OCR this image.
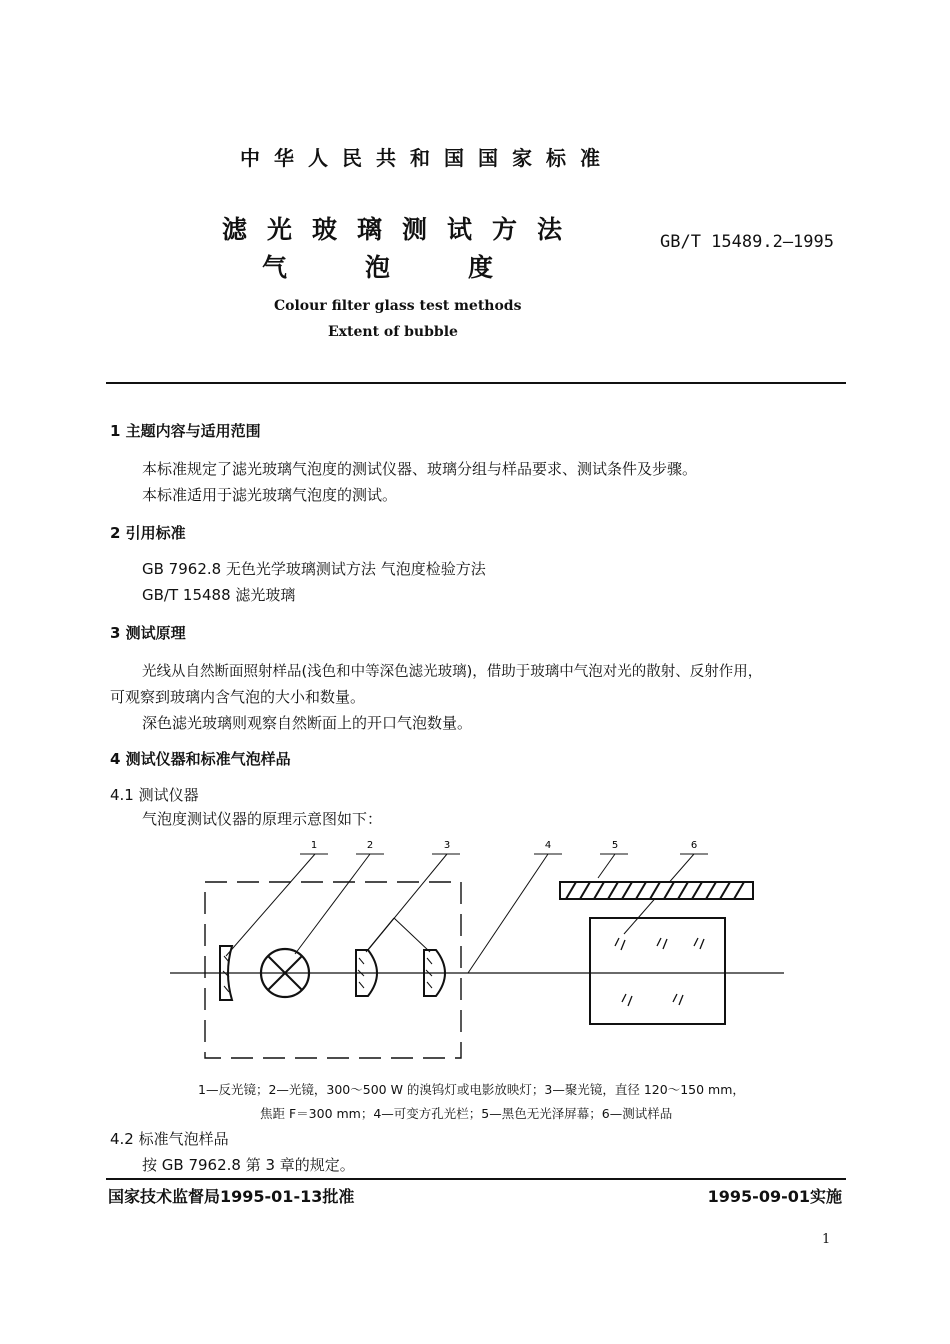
中华人民共和国国家标准
滤光玻璃测试方法
气泡度
GB/T 15489.2—1995
Colour filter glass test methods
Extent of bubble
1 主题内容与适用范围
本标准规定了滤光玻璃气泡度的测试仪器、玻璃分组与样品要求、测试条件及步骤。
本标准适用于滤光玻璃气泡度的测试。
2 引用标准
GB 7962.8 无色光学玻璃测试方法 气泡度检验方法
GB/T 15488 滤光玻璃
3 测试原理
光线从自然断面照射样品(浅色和中等深色滤光玻璃)，借助于玻璃中气泡对光的散射、反射作用，
可观察到玻璃内含气泡的大小和数量。
深色滤光玻璃则观察自然断面上的开口气泡数量。
4 测试仪器和标准气泡样品
4.1 测试仪器
气泡度测试仪器的原理示意图如下：
1	2	3	4	5	6
1—反光镜；2—光镜，300～500 W 的溴钨灯或电影放映灯；3—聚光镜，直径 120～150 mm，
焦距 F＝300 mm；4—可变方孔光栏；5—黑色无光泽屏幕；6—测试样品
4.2 标准气泡样品
按 GB 7962.8 第 3 章的规定。
国家技术监督局1995-01-13批准	1995-09-01实施
1
